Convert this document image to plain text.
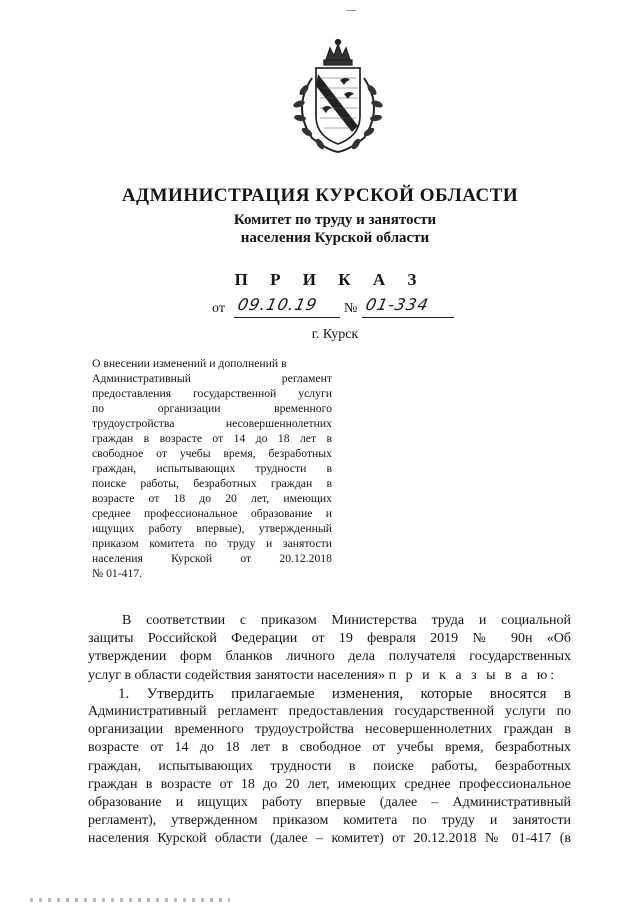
АДМИНИСТРАЦИЯ КУРСКОЙ ОБЛАСТИ
Комитет по труду и занятости
населения Курской области
П Р И К А З
от 09.10.19 № 01-334
г. Курск
О внесении изменений и дополнений в
Административный регламент
предоставления государственной услуги
по организации временного
трудоустройства несовершеннолетних
граждан в возрасте от 14 до 18 лет в
свободное от учебы время, безработных
граждан, испытывающих трудности в
поиске работы, безработных граждан в
возрасте от 18 до 20 лет, имеющих
среднее профессиональное образование и
ищущих работу впервые), утвержденный
приказом комитета по труду и занятости
населения Курской от 20.12.2018
№ 01-417.
В соответствии с приказом Министерства труда и социальной
защиты Российской Федерации от 19 февраля 2019 № 90н «Об
утверждении форм бланков личного дела получателя государственных
услуг в области содействия занятости населения» п р и к а з ы в а ю:
1. Утвердить прилагаемые изменения, которые вносятся в
Административный регламент предоставления государственной услуги по
организации временного трудоустройства несовершеннолетних граждан в
возрасте от 14 до 18 лет в свободное от учебы время, безработных
граждан, испытывающих трудности в поиске работы, безработных
граждан в возрасте от 18 до 20 лет, имеющих среднее профессиональное
образование и ищущих работу впервые (далее – Административный
регламент), утвержденном приказом комитета по труду и занятости
населения Курской области (далее – комитет) от 20.12.2018 № 01-417 (в
